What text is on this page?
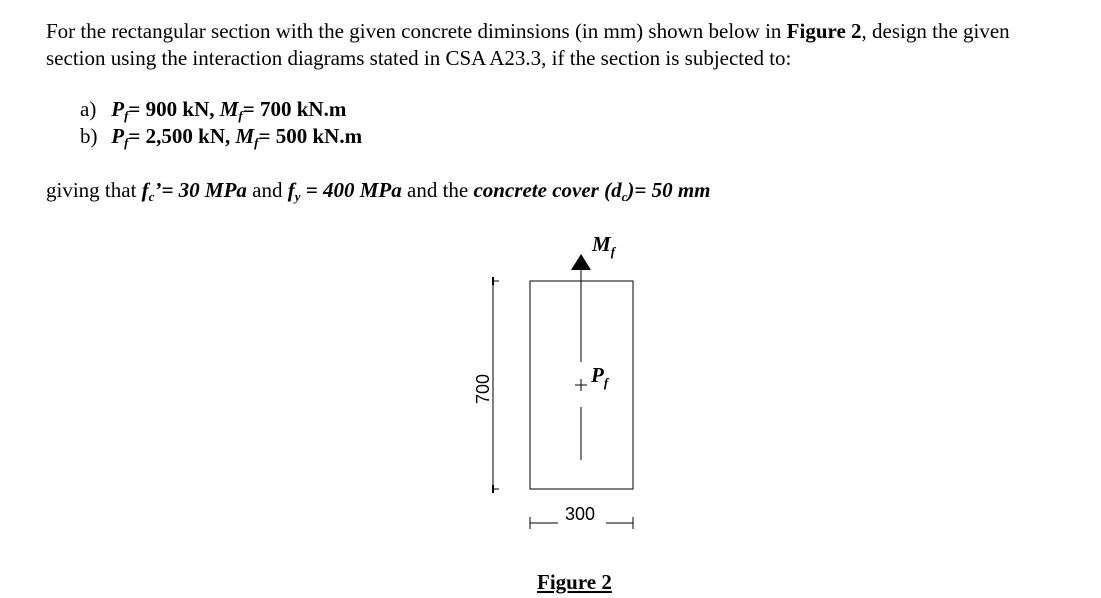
For the rectangular section with the given concrete diminsions (in mm) shown below in Figure 2, design the given section using the interaction diagrams stated in CSA A23.3, if the section is subjected to:
a) $P_f= 900$ kN, $M_f= 700$ kN.m
b) $P_f= 2,500$ kN, $M_f= 500$ kN.m
giving that $f_c’= 30$ MPa and $f_y = 400$ MPa and the concrete cover $(d_c)= 50$ mm
$M_f$
$P_f$
700
300
Figure 2
